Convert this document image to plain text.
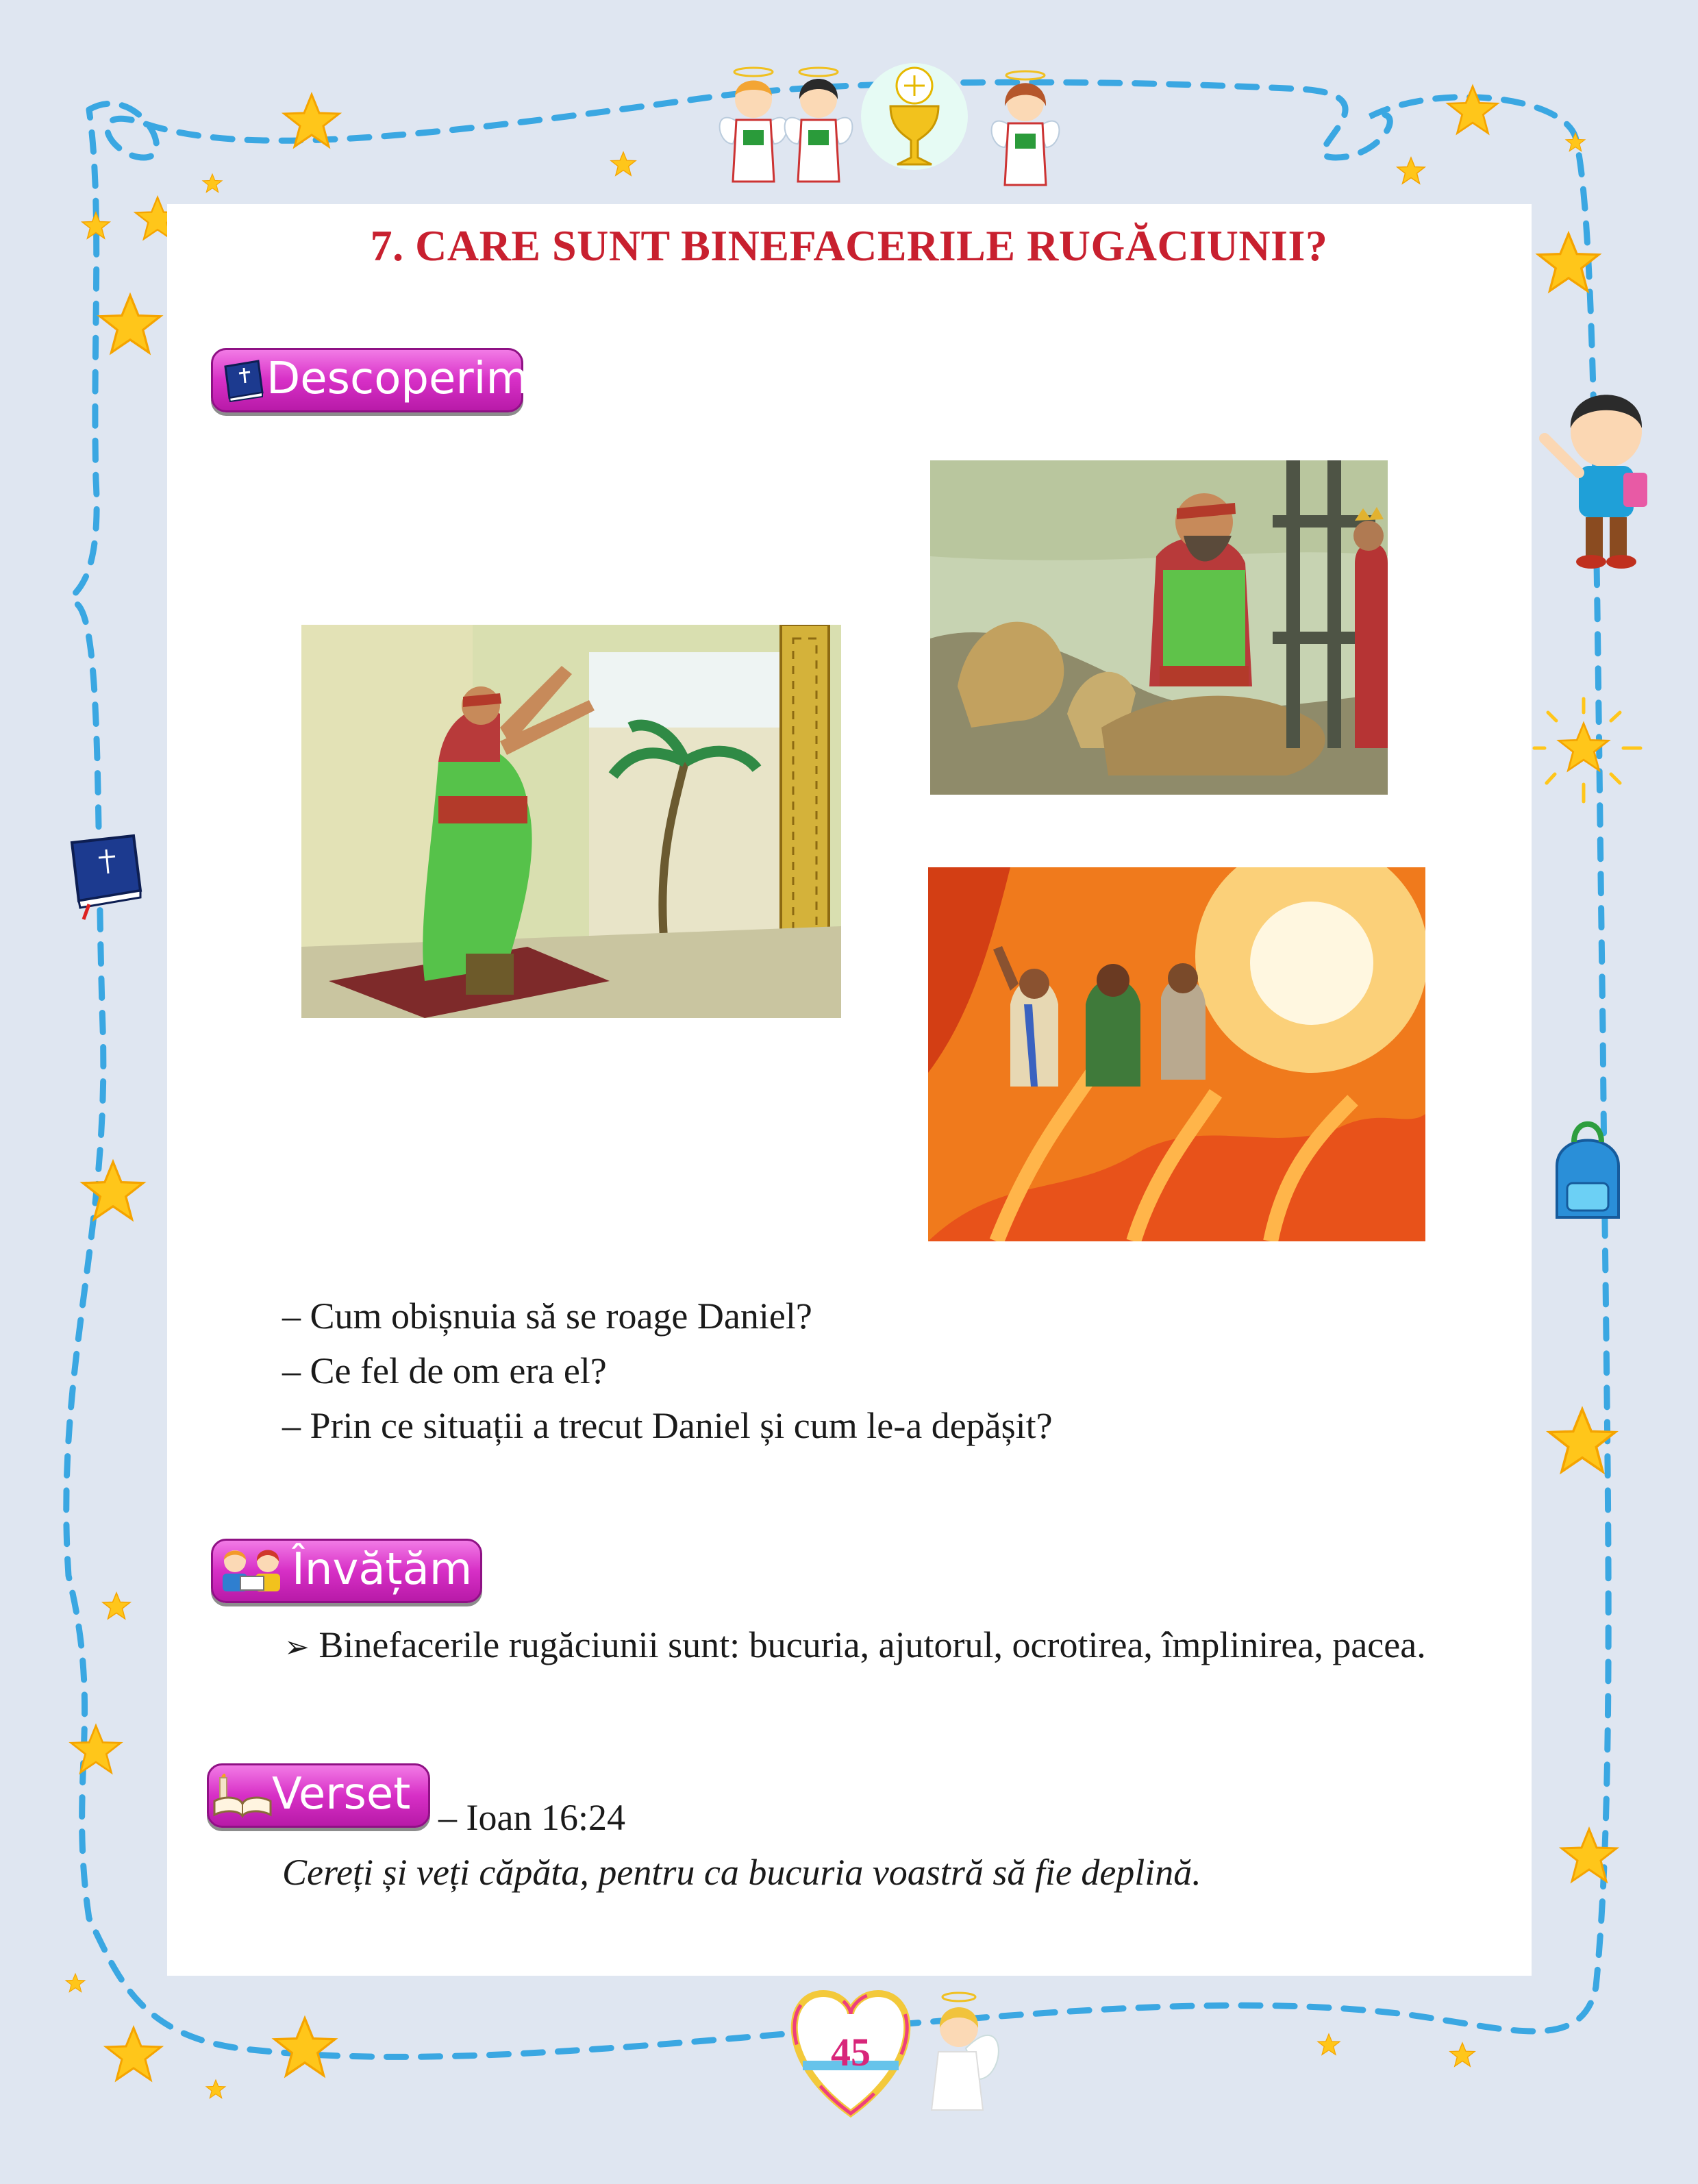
7. CARE SUNT BINEFACERILE RUGĂCIUNII?
Descoperim
– Cum obișnuia să se roage Daniel?
– Ce fel de om era el?
– Prin ce situații a trecut Daniel și cum le-a depășit?
Învățăm
➢ Binefacerile rugăciunii sunt: bucuria, ajutorul, ocrotirea, împlinirea, pacea.
Verset – Ioan 16:24
Cereți și veți căpăta, pentru ca bucuria voastră să fie deplină.
45
